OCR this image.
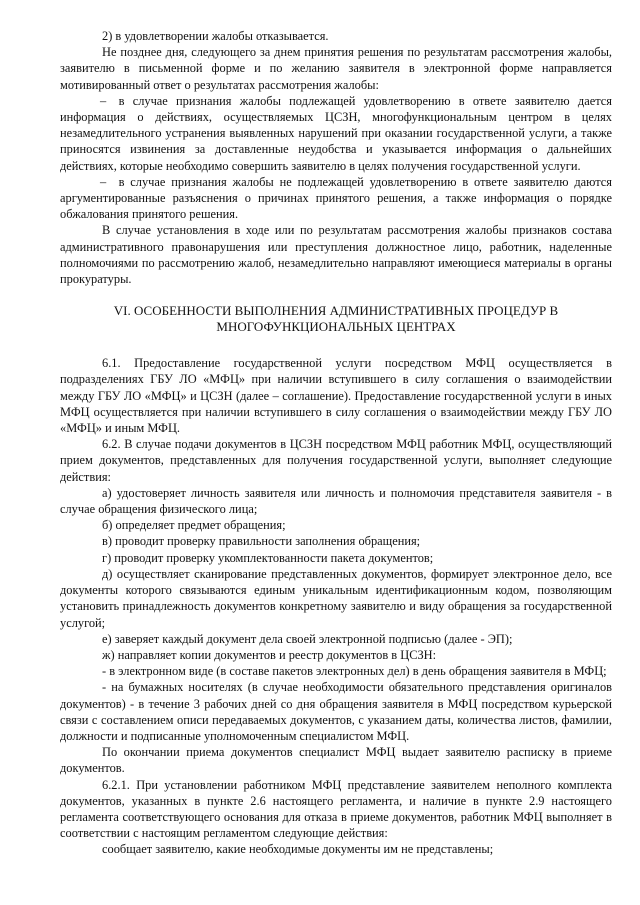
2) в удовлетворении жалобы отказывается.

Не позднее дня, следующего за днем принятия решения по результатам рассмотрения жалобы, заявителю в письменной форме и по желанию заявителя в электронной форме направляется мотивированный ответ о результатах рассмотрения жалобы:

– в случае признания жалобы подлежащей удовлетворению в ответе заявителю дается информация о действиях, осуществляемых ЦСЗН, многофункциональным центром в целях незамедлительного устранения выявленных нарушений при оказании государственной услуги, а также приносятся извинения за доставленные неудобства и указывается информация о дальнейших действиях, которые необходимо совершить заявителю в целях получения государственной услуги.

– в случае признания жалобы не подлежащей удовлетворению в ответе заявителю даются аргументированные разъяснения о причинах принятого решения, а также информация о порядке обжалования принятого решения.

В случае установления в ходе или по результатам рассмотрения жалобы признаков состава административного правонарушения или преступления должностное лицо, работник, наделенные полномочиями по рассмотрению жалоб, незамедлительно направляют имеющиеся материалы в органы прокуратуры.

VI. ОСОБЕННОСТИ ВЫПОЛНЕНИЯ АДМИНИСТРАТИВНЫХ ПРОЦЕДУР В
МНОГОФУНКЦИОНАЛЬНЫХ ЦЕНТРАХ

6.1. Предоставление государственной услуги посредством МФЦ осуществляется в подразделениях ГБУ ЛО «МФЦ» при наличии вступившего в силу соглашения о взаимодействии между ГБУ ЛО «МФЦ» и ЦСЗН (далее – соглашение). Предоставление государственной услуги в иных МФЦ осуществляется при наличии вступившего в силу соглашения о взаимодействии между ГБУ ЛО «МФЦ» и иным МФЦ.

6.2. В случае подачи документов в ЦСЗН посредством МФЦ работник МФЦ, осуществляющий прием документов, представленных для получения государственной услуги, выполняет следующие действия:

а) удостоверяет личность заявителя или личность и полномочия представителя заявителя - в случае обращения физического лица;

б) определяет предмет обращения;

в) проводит проверку правильности заполнения обращения;

г) проводит проверку укомплектованности пакета документов;

д) осуществляет сканирование представленных документов, формирует электронное дело, все документы которого связываются единым уникальным идентификационным кодом, позволяющим установить принадлежность документов конкретному заявителю и виду обращения за государственной услугой;

е) заверяет каждый документ дела своей электронной подписью (далее - ЭП);

ж) направляет копии документов и реестр документов в ЦСЗН:

- в электронном виде (в составе пакетов электронных дел) в день обращения заявителя в МФЦ;

- на бумажных носителях (в случае необходимости обязательного представления оригиналов документов) - в течение 3 рабочих дней со дня обращения заявителя в МФЦ посредством курьерской связи с составлением описи передаваемых документов, с указанием даты, количества листов, фамилии, должности и подписанные уполномоченным специалистом МФЦ.

По окончании приема документов специалист МФЦ выдает заявителю расписку в приеме документов.

6.2.1. При установлении работником МФЦ представление заявителем неполного комплекта документов, указанных в пункте 2.6 настоящего регламента, и наличие в пункте 2.9 настоящего регламента соответствующего основания для отказа в приеме документов, работник МФЦ выполняет в соответствии с настоящим регламентом следующие действия:

сообщает заявителю, какие необходимые документы им не представлены;
